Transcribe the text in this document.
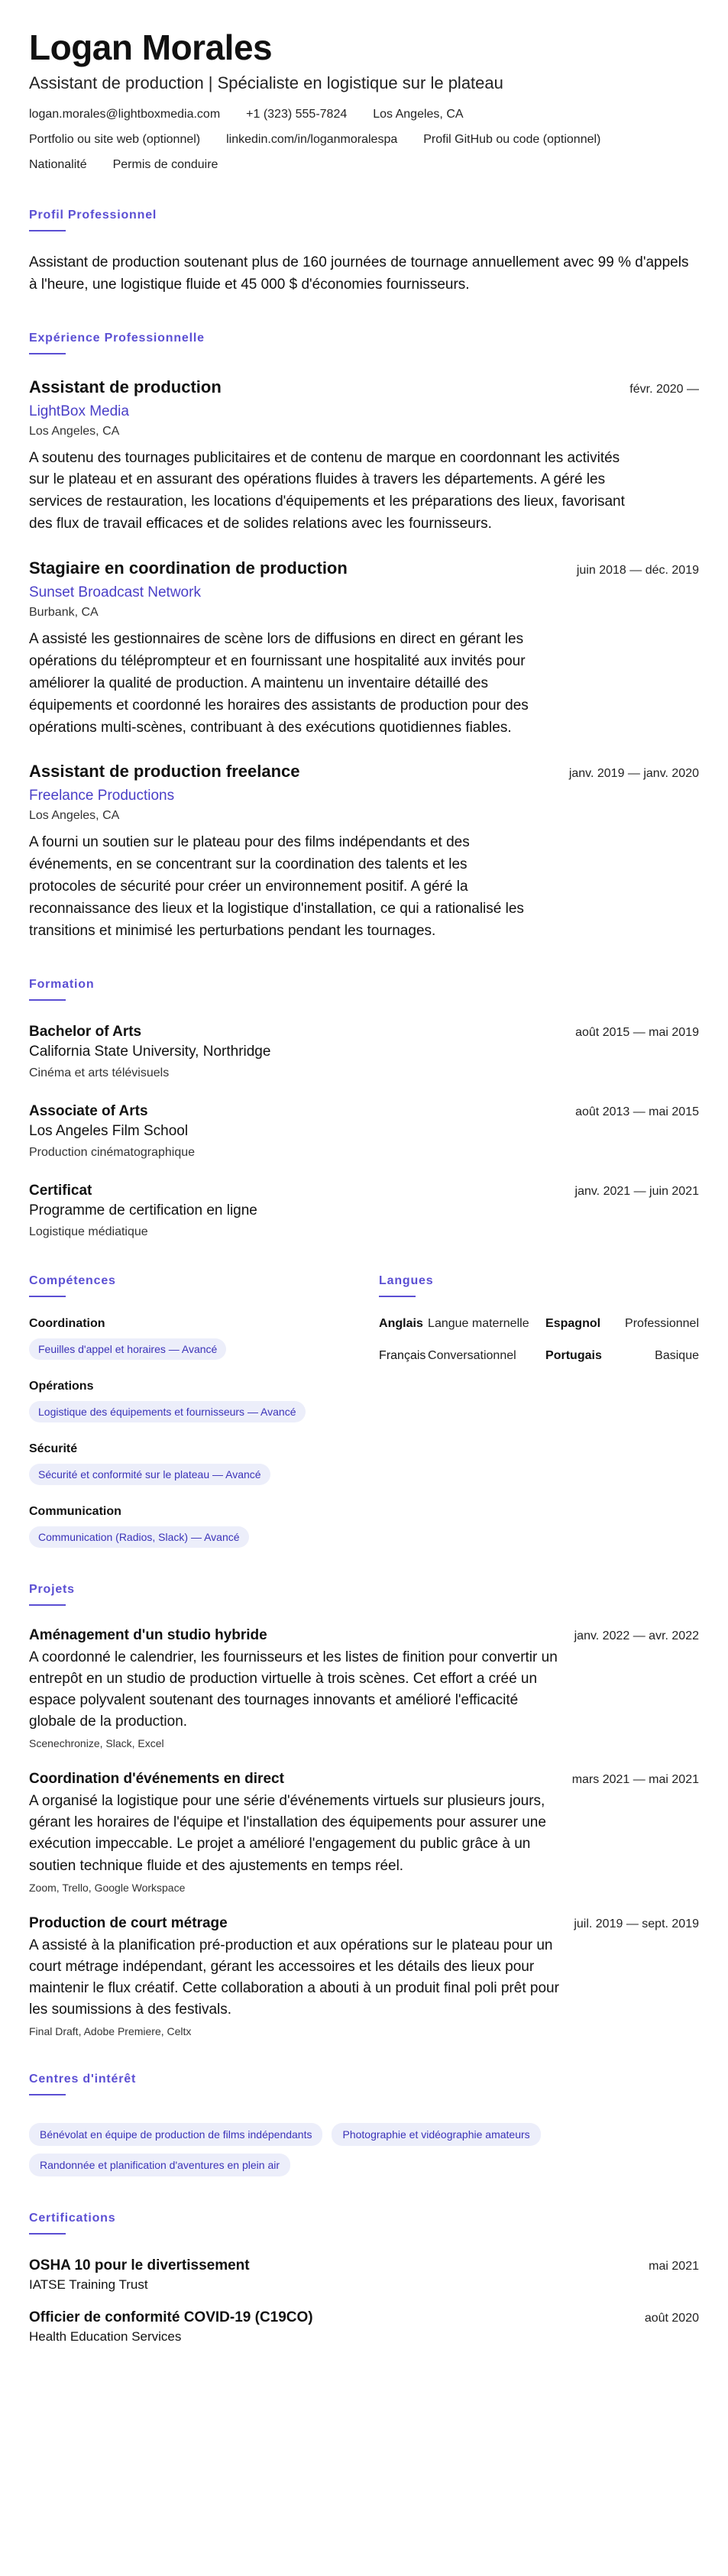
Logan Morales
Assistant de production | Spécialiste en logistique sur le plateau
logan.morales@lightboxmedia.com +1 (323) 555-7824 Los Angeles, CA
Portfolio ou site web (optionnel) linkedin.com/in/loganmoralespa Profil GitHub ou code (optionnel)
Nationalité Permis de conduire
Profil Professionnel

Assistant de production soutenant plus de 160 journées de tournage annuellement avec 99 % d'appels à l'heure, une logistique fluide et 45 000 $ d'économies fournisseurs.

Expérience Professionnelle
Assistant de production	févr. 2020 —
LightBox Media
Los Angeles, CA

A soutenu des tournages publicitaires et de contenu de marque en coordonnant les activités sur le plateau et en assurant des opérations fluides à travers les départements. A géré les services de restauration, les locations d'équipements et les préparations des lieux, favorisant des flux de travail efficaces et de solides relations avec les fournisseurs.

Stagiaire en coordination de production	juin 2018 — déc. 2019
Sunset Broadcast Network
Burbank, CA

A assisté les gestionnaires de scène lors de diffusions en direct en gérant les opérations du téléprompteur et en fournissant une hospitalité aux invités pour améliorer la qualité de production. A maintenu un inventaire détaillé des équipements et coordonné les horaires des assistants de production pour des opérations multi-scènes, contribuant à des exécutions quotidiennes fiables.

Assistant de production freelance	janv. 2019 — janv. 2020
Freelance Productions
Los Angeles, CA

A fourni un soutien sur le plateau pour des films indépendants et des événements, en se concentrant sur la coordination des talents et les protocoles de sécurité pour créer un environnement positif. A géré la reconnaissance des lieux et la logistique d'installation, ce qui a rationalisé les transitions et minimisé les perturbations pendant les tournages.

Formation
Bachelor of Arts	août 2015 — mai 2019
California State University, Northridge
Cinéma et arts télévisuels
Associate of Arts	août 2013 — mai 2015
Los Angeles Film School
Production cinématographique
Certificat	janv. 2021 — juin 2021
Programme de certification en ligne
Logistique médiatique
Compétences
Coordination
Feuilles d'appel et horaires — Avancé
Opérations
Logistique des équipements et fournisseurs — Avancé
Sécurité
Sécurité et conformité sur le plateau — Avancé
Communication
Communication (Radios, Slack) — Avancé
Langues
Anglais Langue maternelle	Espagnol	Professionnel
Français Conversationnel	Portugais	Basique
Projets
Aménagement d'un studio hybride	janv. 2022 — avr. 2022

A coordonné le calendrier, les fournisseurs et les listes de finition pour convertir un entrepôt en un studio de production virtuelle à trois scènes. Cet effort a créé un espace polyvalent soutenant des tournages innovants et amélioré l'efficacité globale de la production.

Scenechronize, Slack, Excel
Coordination d'événements en direct	mars 2021 — mai 2021

A organisé la logistique pour une série d'événements virtuels sur plusieurs jours, gérant les horaires de l'équipe et l'installation des équipements pour assurer une exécution impeccable. Le projet a amélioré l'engagement du public grâce à un soutien technique fluide et des ajustements en temps réel.

Zoom, Trello, Google Workspace
Production de court métrage	juil. 2019 — sept. 2019

A assisté à la planification pré-production et aux opérations sur le plateau pour un court métrage indépendant, gérant les accessoires et les détails des lieux pour maintenir le flux créatif. Cette collaboration a abouti à un produit final poli prêt pour les soumissions à des festivals.

Final Draft, Adobe Premiere, Celtx
Centres d'intérêt
Bénévolat en équipe de production de films indépendants	Photographie et vidéographie amateurs
Randonnée et planification d'aventures en plein air
Certifications
OSHA 10 pour le divertissement	mai 2021
IATSE Training Trust
Officier de conformité COVID-19 (C19CO)	août 2020
Health Education Services
